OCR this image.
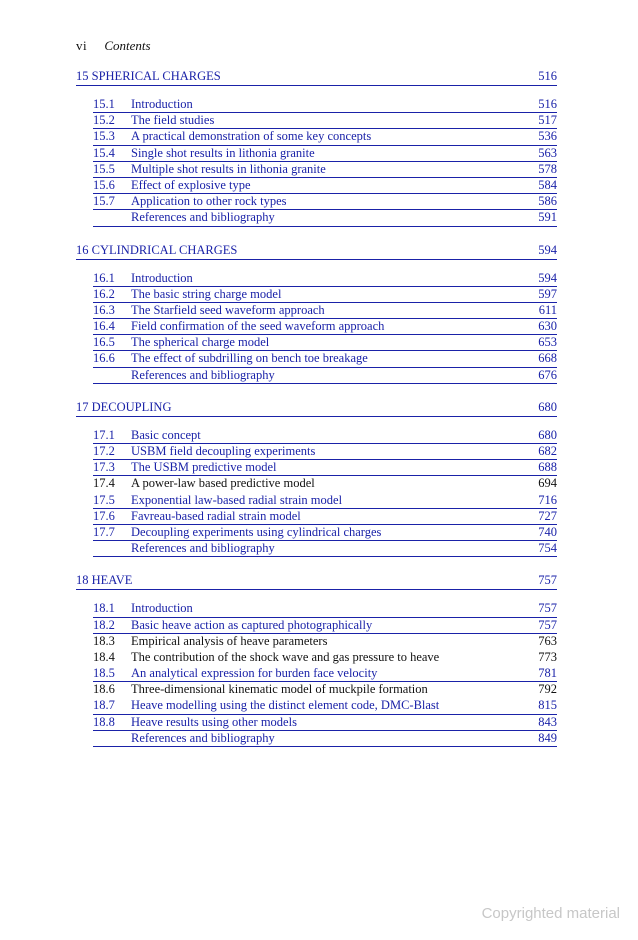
vi Contents
15 SPHERICAL CHARGES	516
15.1	Introduction	516
15.2	The field studies	517
15.3	A practical demonstration of some key concepts	536
15.4	Single shot results in lithonia granite	563
15.5	Multiple shot results in lithonia granite	578
15.6	Effect of explosive type	584
15.7	Application to other rock types	586
References and bibliography	591
16 CYLINDRICAL CHARGES	594
16.1	Introduction	594
16.2	The basic string charge model	597
16.3	The Starfield seed waveform approach	611
16.4	Field confirmation of the seed waveform approach	630
16.5	The spherical charge model	653
16.6	The effect of subdrilling on bench toe breakage	668
References and bibliography	676
17 DECOUPLING	680
17.1	Basic concept	680
17.2	USBM field decoupling experiments	682
17.3	The USBM predictive model	688
17.4	A power-law based predictive model	694
17.5	Exponential law-based radial strain model	716
17.6	Favreau-based radial strain model	727
17.7	Decoupling experiments using cylindrical charges	740
References and bibliography	754
18 HEAVE	757
18.1	Introduction	757
18.2	Basic heave action as captured photographically	757
18.3	Empirical analysis of heave parameters	763
18.4	The contribution of the shock wave and gas pressure to heave	773
18.5	An analytical expression for burden face velocity	781
18.6	Three-dimensional kinematic model of muckpile formation	792
18.7	Heave modelling using the distinct element code, DMC-Blast	815
18.8	Heave results using other models	843
References and bibliography	849
Copyrighted material
